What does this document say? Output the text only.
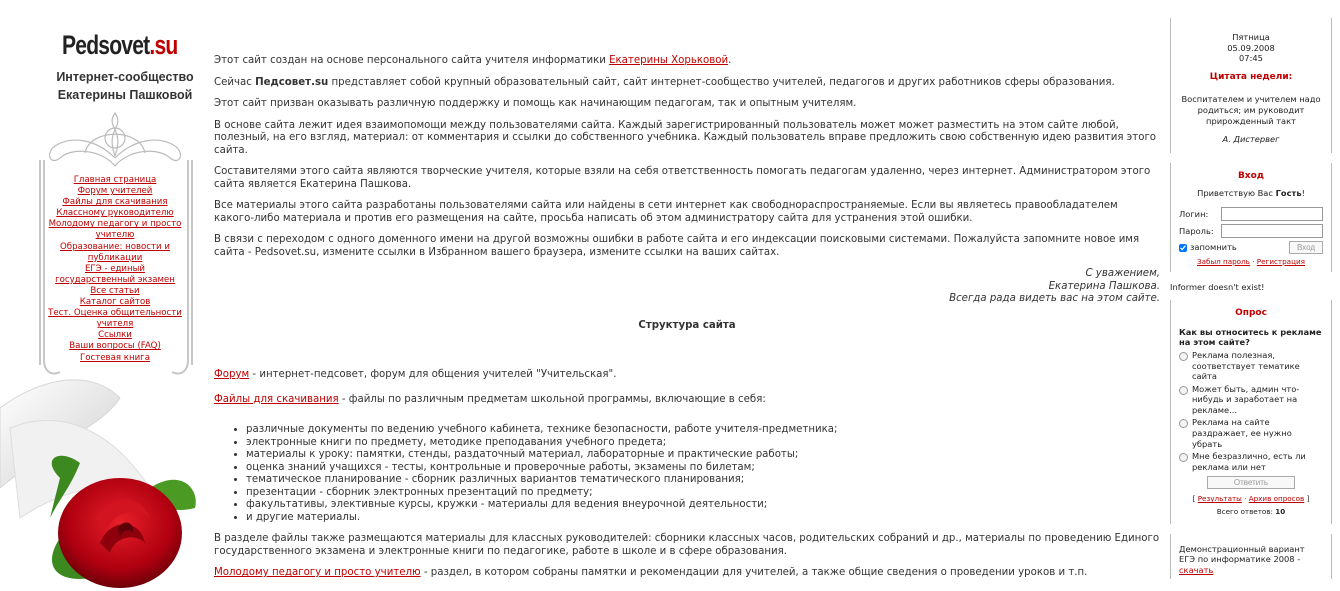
Pedsovet.su
Интернет-сообщество
Екатерины Пашковой
Главная страница
Форум учителей
Файлы для скачивания
Классному руководителю
Молодому педагогу и просто учителю
Образование: новости и публикации
ЕГЭ - единый государственный экзамен
Все статьи
Каталог сайтов
Тест. Оценка общительности учителя
Ссылки
Ваши вопросы (FAQ)
Гостевая книга

Этот сайт создан на основе персонального сайта учителя информатики Екатерины Хорьковой.

Сейчас Педсовет.su представляет собой крупный образовательный сайт, сайт интернет-сообщество учителей, педагогов и других работников сферы образования.

Этот сайт призван оказывать различную поддержку и помощь как начинающим педагогам, так и опытным учителям.

В основе сайта лежит идея взаимопомощи между пользователями сайта. Каждый зарегистрированный пользователь может может разместить на этом сайте любой, полезный, на его взгляд, материал: от комментария и ссылки до собственного учебника. Каждый пользователь вправе предложить свою собственную идею развития этого сайта.

Составителями этого сайта являются творческие учителя, которые взяли на себя ответственность помогать педагогам удаленно, через интернет. Администратором этого сайта является Екатерина Пашкова.

Все материалы этого сайта разработаны пользователями сайта или найдены в сети интернет как свободнораспространяемые. Если вы являетесь правообладателем какого-либо материала и против его размещения на сайте, просьба написать об этом администратору сайта для устранения этой ошибки.

В связи с переходом с одного доменного имени на другой возможны ошибки в работе сайта и его индексации поисковыми системами. Пожалуйста запомните новое имя сайта - Pedsovet.su, измените ссылки в Избранном вашего браузера, измените ссылки на ваших сайтах.

С уважением,
Екатерина Пашкова.
Всегда рада видеть вас на этом сайте.
Структура сайта

Форум - интернет-педсовет, форум для общения учителей "Учительская".

Файлы для скачивания - файлы по различным предметам школьной программы, включающие в себя:

• различные документы по ведению учебного кабинета, технике безопасности, работе учителя-предметника;
• электронные книги по предмету, методике преподавания учебного предета;
• материалы к уроку: памятки, стенды, раздаточный материал, лабораторные и практические работы;
• оценка знаний учащихся - тесты, контрольные и проверочные работы, экзамены по билетам;
• тематическое планирование - сборник различных вариантов тематического планирования;
• презентации - сборник электронных презентаций по предмету;
• факультативы, элективные курсы, кружки - материалы для ведения внеурочной деятельности;
• и другие материалы.

В разделе файлы также размещаются материалы для классных руководителей: сборники классных часов, родительских собраний и др., материалы по проведению Единого государственного экзамена и электронные книги по педагогике, работе в школе и в сфере образования.

Молодому педагогу и просто учителю - раздел, в котором собраны памятки и рекомендации для учителей, а также общие сведения о проведении уроков и т.п.

Пятница
05.09.2008
07:45
Цитата недели:
Воспитателем и учителем надо родиться; им руководит прирожденный такт
А. Дистервег
Вход
Приветствую Вас Гость!
Логин:
Пароль:
запомнить	Вход
Забыл пароль · Регистрация
Informer doesn't exist!
Опрос
Как вы относитесь к рекламе на этом сайте?
Реклама полезная, соответствует тематике сайта
Может быть, админ что-нибудь и заработает на рекламе...
Реклама на сайте раздражает, ее нужно убрать
Мне безразлично, есть ли реклама или нет
Ответить
[ Результаты · Архив опросов ]
Всего ответов: 10
Демонстрационный вариант ЕГЭ по информатике 2008 - скачать
